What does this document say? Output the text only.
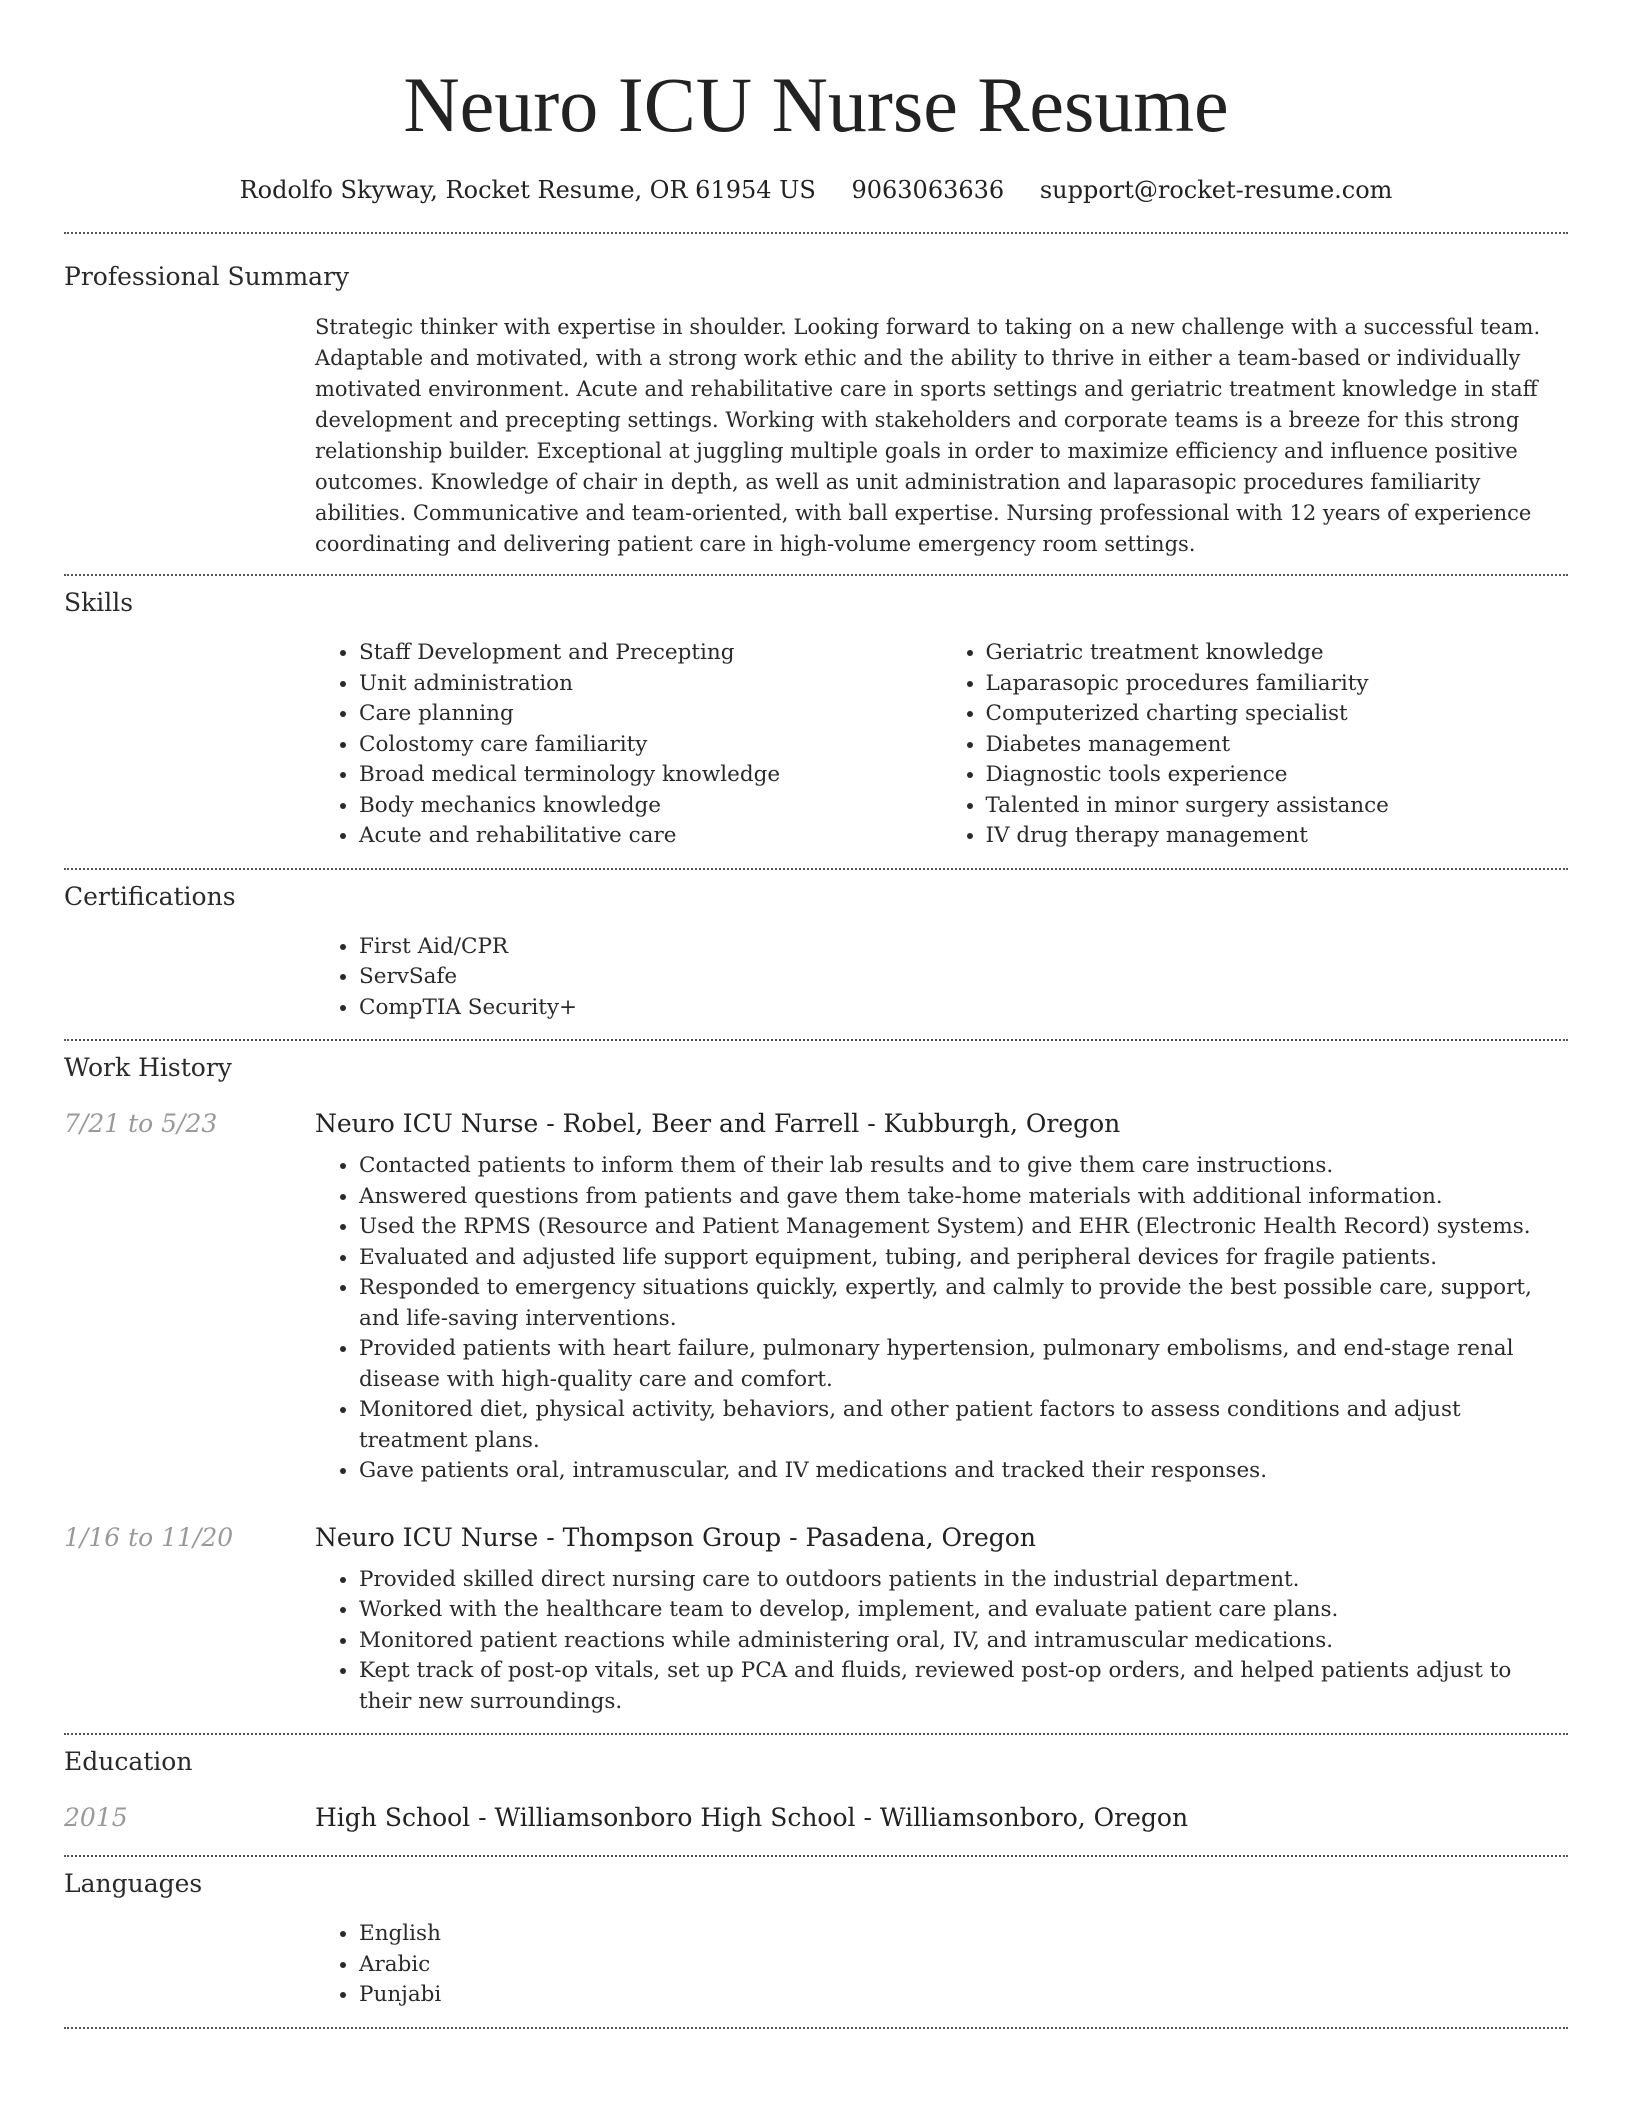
Neuro ICU Nurse Resume
Rodolfo Skyway, Rocket Resume, OR 61954 US 9063063636 support@rocket-resume.com
Professional Summary
Strategic thinker with expertise in shoulder. Looking forward to taking on a new challenge with a successful team. Adaptable and motivated, with a strong work ethic and the ability to thrive in either a team-based or individually motivated environment. Acute and rehabilitative care in sports settings and geriatric treatment knowledge in staff development and precepting settings. Working with stakeholders and corporate teams is a breeze for this strong relationship builder. Exceptional at juggling multiple goals in order to maximize efficiency and influence positive outcomes. Knowledge of chair in depth, as well as unit administration and laparasopic procedures familiarity abilities. Communicative and team-oriented, with ball expertise. Nursing professional with 12 years of experience coordinating and delivering patient care in high-volume emergency room settings.
Skills
• Staff Development and Precepting
• Unit administration
• Care planning
• Colostomy care familiarity
• Broad medical terminology knowledge
• Body mechanics knowledge
• Acute and rehabilitative care
• Geriatric treatment knowledge
• Laparasopic procedures familiarity
• Computerized charting specialist
• Diabetes management
• Diagnostic tools experience
• Talented in minor surgery assistance
• IV drug therapy management
Certifications
• First Aid/CPR
• ServSafe
• CompTIA Security+
Work History
7/21 to 5/23	Neuro ICU Nurse - Robel, Beer and Farrell - Kubburgh, Oregon
• Contacted patients to inform them of their lab results and to give them care instructions.
• Answered questions from patients and gave them take-home materials with additional information.
• Used the RPMS (Resource and Patient Management System) and EHR (Electronic Health Record) systems.
• Evaluated and adjusted life support equipment, tubing, and peripheral devices for fragile patients.
• Responded to emergency situations quickly, expertly, and calmly to provide the best possible care, support, and life-saving interventions.
• Provided patients with heart failure, pulmonary hypertension, pulmonary embolisms, and end-stage renal disease with high-quality care and comfort.
• Monitored diet, physical activity, behaviors, and other patient factors to assess conditions and adjust treatment plans.
• Gave patients oral, intramuscular, and IV medications and tracked their responses.
1/16 to 11/20	Neuro ICU Nurse - Thompson Group - Pasadena, Oregon
• Provided skilled direct nursing care to outdoors patients in the industrial department.
• Worked with the healthcare team to develop, implement, and evaluate patient care plans.
• Monitored patient reactions while administering oral, IV, and intramuscular medications.
• Kept track of post-op vitals, set up PCA and fluids, reviewed post-op orders, and helped patients adjust to their new surroundings.
Education
2015	High School - Williamsonboro High School - Williamsonboro, Oregon
Languages
• English
• Arabic
• Punjabi
